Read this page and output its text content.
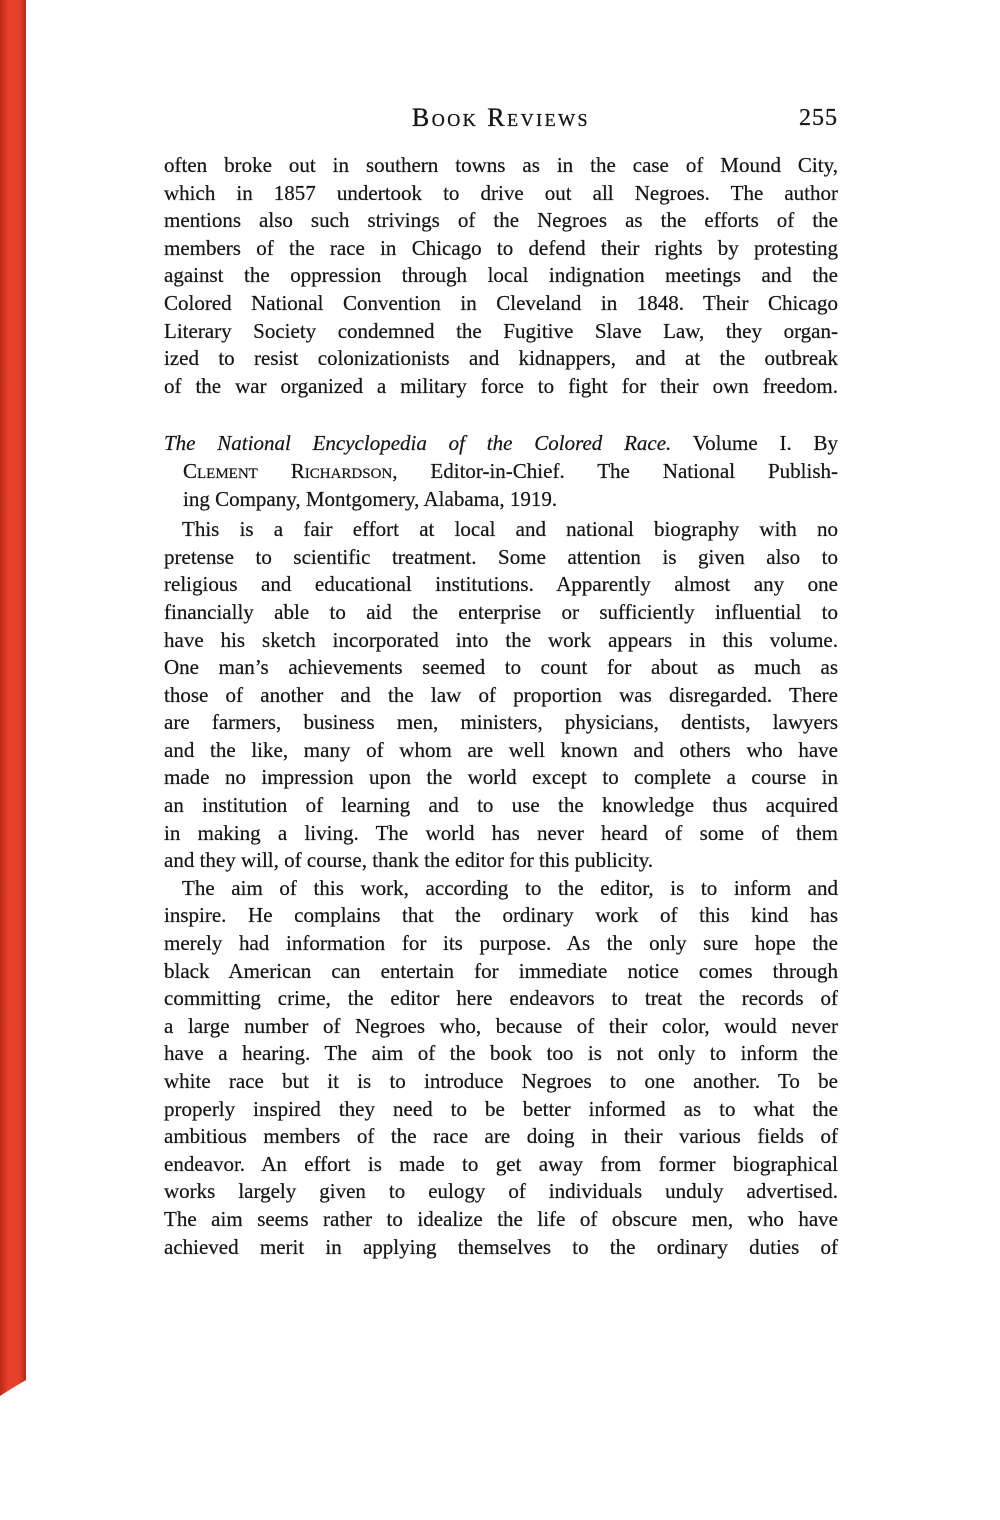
Book Reviews	255
often broke out in southern towns as in the case of Mound City,
which in 1857 undertook to drive out all Negroes. The author
mentions also such strivings of the Negroes as the efforts of the
members of the race in Chicago to defend their rights by protesting
against the oppression through local indignation meetings and the
Colored National Convention in Cleveland in 1848. Their Chicago
Literary Society condemned the Fugitive Slave Law, they organ-
ized to resist colonizationists and kidnappers, and at the outbreak
of the war organized a military force to fight for their own freedom.
The National Encyclopedia of the Colored Race. Volume I. By
Clement Richardson, Editor-in-Chief. The National Publish-
ing Company, Montgomery, Alabama, 1919.
This is a fair effort at local and national biography with no
pretense to scientific treatment. Some attention is given also to
religious and educational institutions. Apparently almost any one
financially able to aid the enterprise or sufficiently influential to
have his sketch incorporated into the work appears in this volume.
One man’s achievements seemed to count for about as much as
those of another and the law of proportion was disregarded. There
are farmers, business men, ministers, physicians, dentists, lawyers
and the like, many of whom are well known and others who have
made no impression upon the world except to complete a course in
an institution of learning and to use the knowledge thus acquired
in making a living. The world has never heard of some of them
and they will, of course, thank the editor for this publicity.
The aim of this work, according to the editor, is to inform and
inspire. He complains that the ordinary work of this kind has
merely had information for its purpose. As the only sure hope the
black American can entertain for immediate notice comes through
committing crime, the editor here endeavors to treat the records of
a large number of Negroes who, because of their color, would never
have a hearing. The aim of the book too is not only to inform the
white race but it is to introduce Negroes to one another. To be
properly inspired they need to be better informed as to what the
ambitious members of the race are doing in their various fields of
endeavor. An effort is made to get away from former biographical
works largely given to eulogy of individuals unduly advertised.
The aim seems rather to idealize the life of obscure men, who have
achieved merit in applying themselves to the ordinary duties of
